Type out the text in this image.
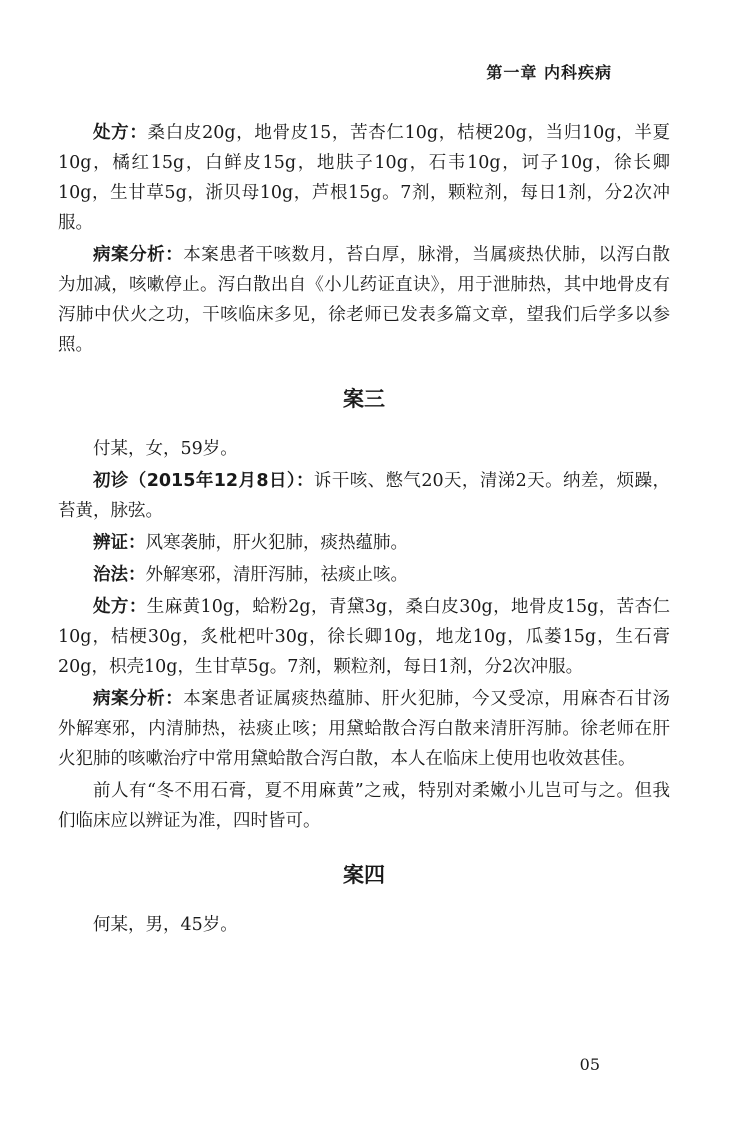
第一章 内科疾病

处方：桑白皮20g，地骨皮15，苦杏仁10g，桔梗20g，当归10g，半夏10g，橘红15g，白鲜皮15g，地肤子10g，石韦10g，诃子10g，徐长卿10g，生甘草5g，浙贝母10g，芦根15g。7剂，颗粒剂，每日1剂，分2次冲服。

病案分析：本案患者干咳数月，苔白厚，脉滑，当属痰热伏肺，以泻白散为加减，咳嗽停止。泻白散出自《小儿药证直诀》，用于泄肺热，其中地骨皮有泻肺中伏火之功，干咳临床多见，徐老师已发表多篇文章，望我们后学多以参照。

案三

付某，女，59岁。

初诊（2015年12月8日）：诉干咳、憋气20天，清涕2天。纳差，烦躁，苔黄，脉弦。

辨证：风寒袭肺，肝火犯肺，痰热蕴肺。

治法：外解寒邪，清肝泻肺，祛痰止咳。

处方：生麻黄10g，蛤粉2g，青黛3g，桑白皮30g，地骨皮15g，苦杏仁10g，桔梗30g，炙枇杷叶30g，徐长卿10g，地龙10g，瓜蒌15g，生石膏20g，枳壳10g，生甘草5g。7剂，颗粒剂，每日1剂，分2次冲服。

病案分析：本案患者证属痰热蕴肺、肝火犯肺，今又受凉，用麻杏石甘汤外解寒邪，内清肺热，祛痰止咳；用黛蛤散合泻白散来清肝泻肺。徐老师在肝火犯肺的咳嗽治疗中常用黛蛤散合泻白散，本人在临床上使用也收效甚佳。

前人有“冬不用石膏，夏不用麻黄”之戒，特别对柔嫩小儿岂可与之。但我们临床应以辨证为准，四时皆可。

案四

何某，男，45岁。

05
